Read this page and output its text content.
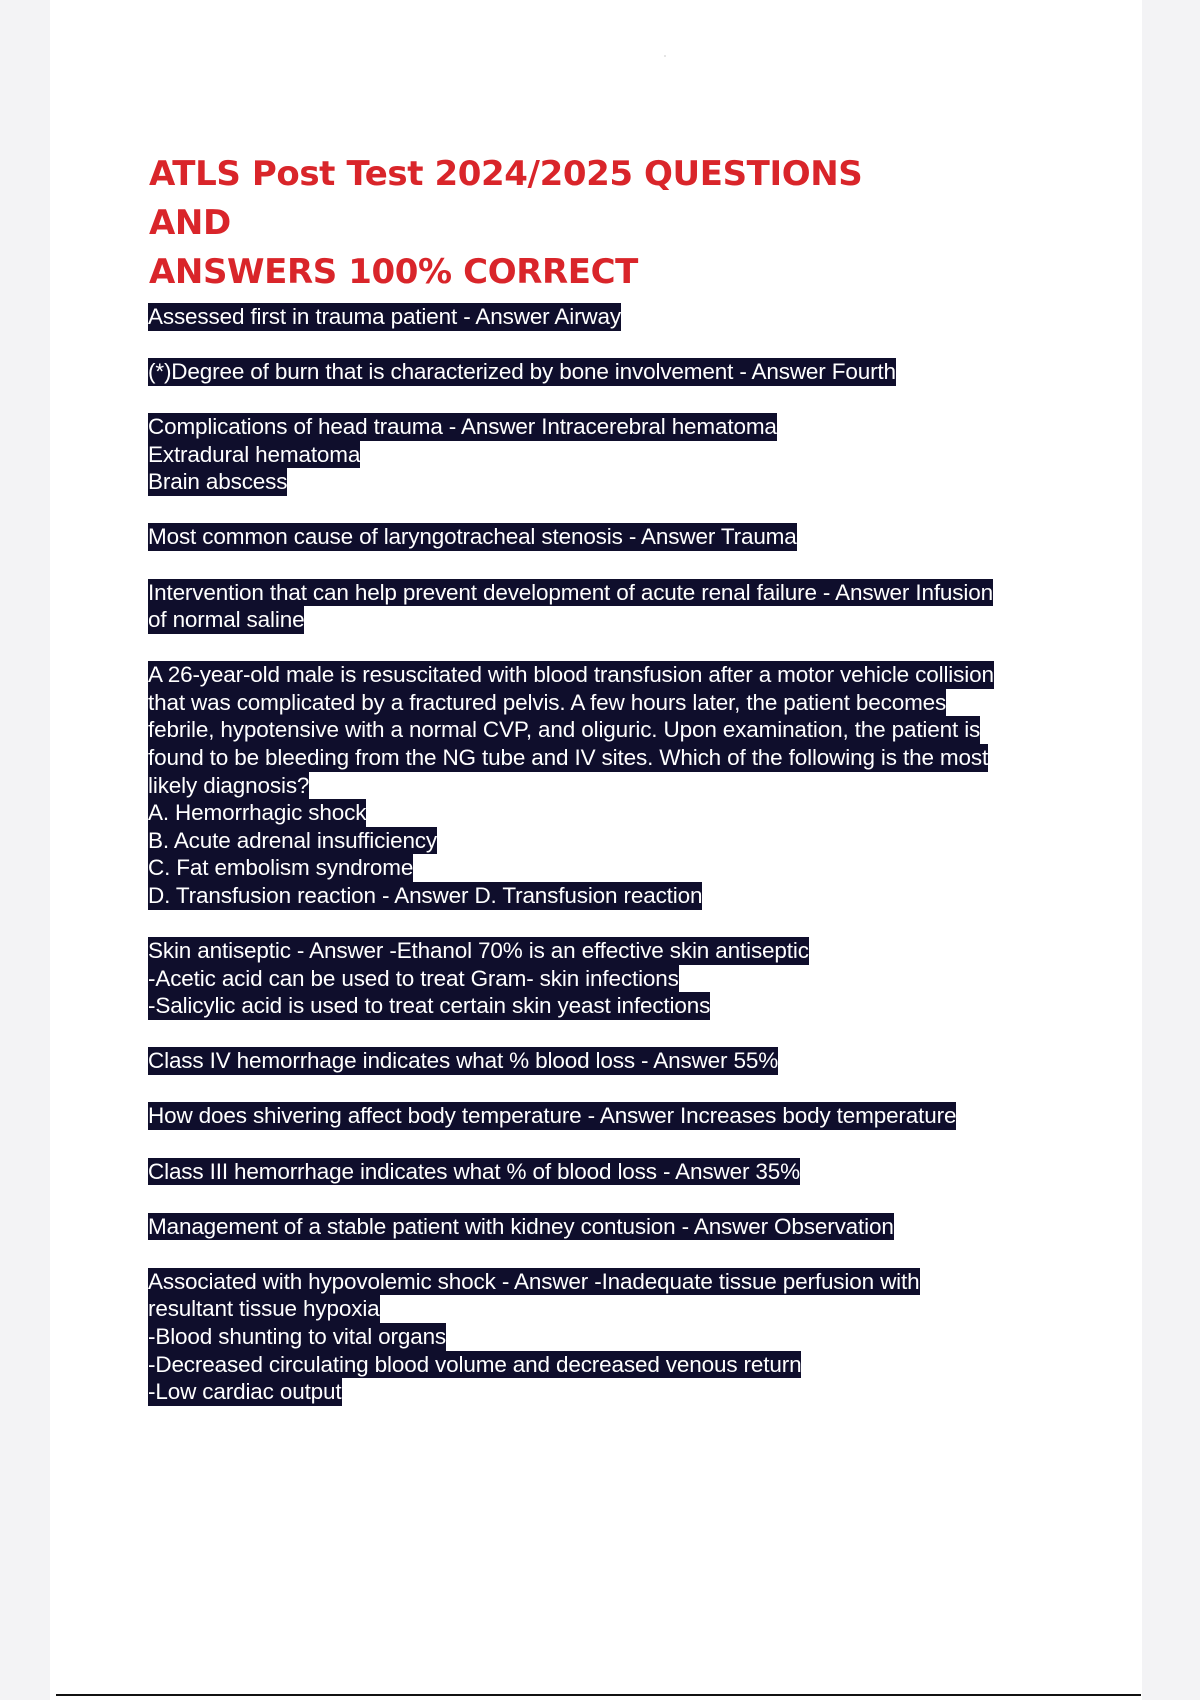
ATLS Post Test 2024/2025 QUESTIONS AND
ANSWERS 100% CORRECT
Assessed first in trauma patient - Answer Airway
(*)Degree of burn that is characterized by bone involvement - Answer Fourth
Complications of head trauma - Answer Intracerebral hematoma
Extradural hematoma
Brain abscess
Most common cause of laryngotracheal stenosis - Answer Trauma
Intervention that can help prevent development of acute renal failure - Answer Infusion
of normal saline
A 26-year-old male is resuscitated with blood transfusion after a motor vehicle collision
that was complicated by a fractured pelvis. A few hours later, the patient becomes
febrile, hypotensive with a normal CVP, and oliguric. Upon examination, the patient is
found to be bleeding from the NG tube and IV sites. Which of the following is the most
likely diagnosis?
A. Hemorrhagic shock
B. Acute adrenal insufficiency
C. Fat embolism syndrome
D. Transfusion reaction - Answer D. Transfusion reaction
Skin antiseptic - Answer -Ethanol 70% is an effective skin antiseptic
-Acetic acid can be used to treat Gram- skin infections
-Salicylic acid is used to treat certain skin yeast infections
Class IV hemorrhage indicates what % blood loss - Answer 55%
How does shivering affect body temperature - Answer Increases body temperature
Class III hemorrhage indicates what % of blood loss - Answer 35%
Management of a stable patient with kidney contusion - Answer Observation
Associated with hypovolemic shock - Answer -Inadequate tissue perfusion with
resultant tissue hypoxia
-Blood shunting to vital organs
-Decreased circulating blood volume and decreased venous return
-Low cardiac output
